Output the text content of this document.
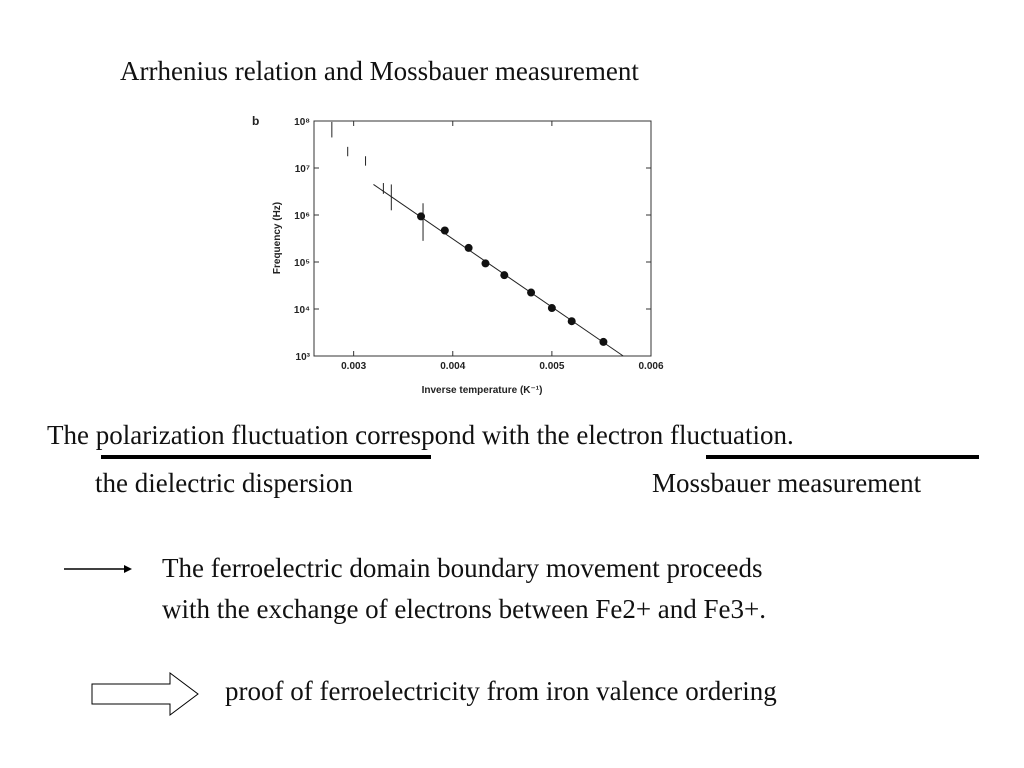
Arrhenius relation and Mossbauer measurement
b
0.003	0.004	0.005	0.006
10³
10⁴
10⁵
10⁶
10⁷
10⁸
Inverse temperature (K⁻¹)
Frequency (Hz)
The polarization fluctuation correspond with the electron fluctuation.
the dielectric dispersion	Mossbauer measurement
The ferroelectric domain boundary movement proceeds
with the exchange of electrons between Fe2+ and Fe3+.
proof of ferroelectricity from iron valence ordering
